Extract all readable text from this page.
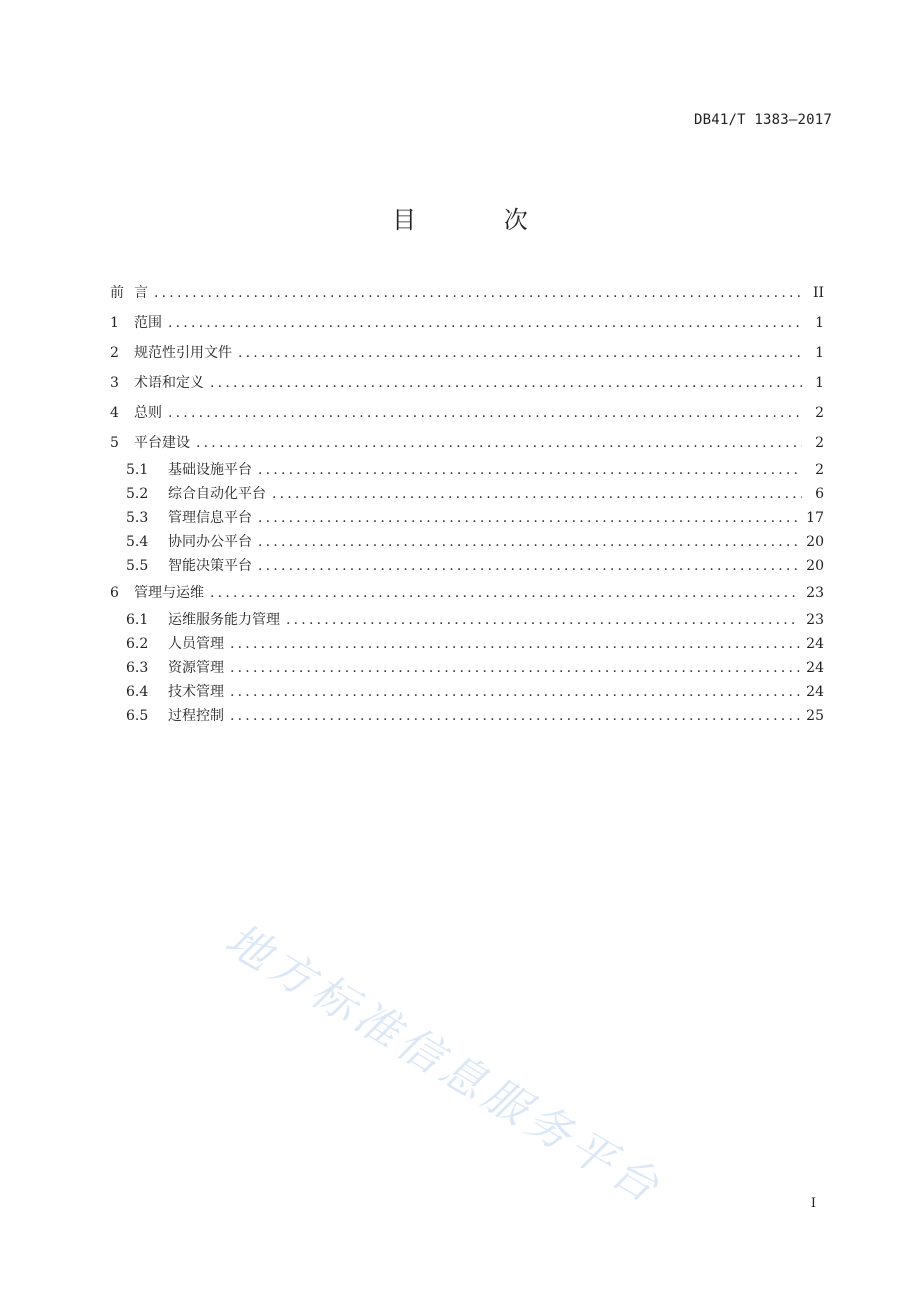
DB41/T 1383—2017
目 次
前 言 .....	II
1	范围 .....	1
2	规范性引用文件 .....	1
3	术语和定义 .....	1
4	总则 .....	2
5	平台建设 .....	2
5.1	基础设施平台 .....	2
5.2	综合自动化平台 .....	6
5.3	管理信息平台 .....	17
5.4	协同办公平台 .....	20
5.5	智能决策平台 .....	20
6	管理与运维 .....	23
6.1	运维服务能力管理 .....	23
6.2	人员管理 .....	24
6.3	资源管理 .....	24
6.4	技术管理 .....	24
6.5	过程控制 .....	25
地方标准信息服务平台	I
